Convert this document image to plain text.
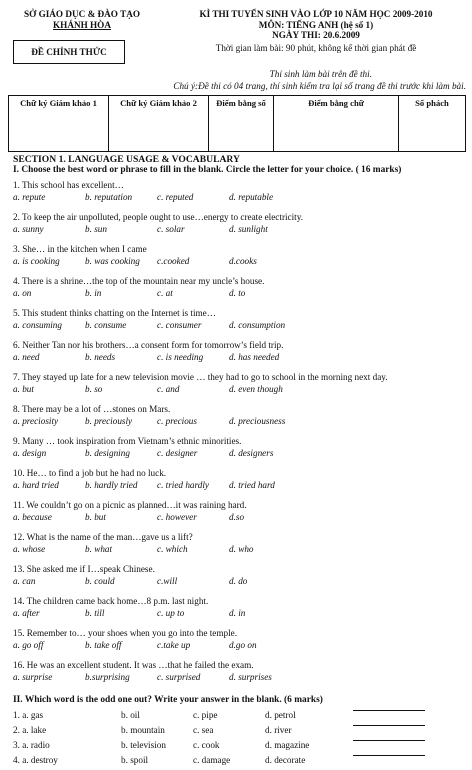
SỞ GIÁO DỤC & ĐÀO TẠO
KHÁNH HÒA
ĐỀ CHÍNH THỨC
KÌ THI TUYỂN SINH VÀO LỚP 10 NĂM HỌC 2009-2010
MÔN: TIẾNG ANH (hệ số 1)
NGÀY THI: 20.6.2009
Thời gian làm bài: 90 phút, không kể thời gian phát đề
Thí sinh làm bài trên đề thi.
Chú ý:Đề thi có 04 trang, thí sinh kiểm tra lại số trang đề thi trước khi làm bài.
Chữ ký Giám khảo 1	Chữ ký Giám khảo 2	Điểm bằng số	Điểm bằng chữ	Số phách
SECTION 1. LANGUAGE USAGE & VOCABULARY
I. Choose the best word or phrase to fill in the blank. Circle the letter for your choice. ( 16 marks)
1. This school has excellent…
a. repute	b. reputation	c. reputed	d. reputable
2. To keep the air unpolluted, people ought to use…energy to create electricity.
a. sunny	b. sun	c. solar	d. sunlight
3. She… in the kitchen when I came
a. is cooking	b. was cooking c.cooked	d.cooks
4. There is a shrine…the top of the mountain near my uncle’s house.
a. on	b. in	c. at	d. to
5. This student thinks chatting on the Internet is time…
a. consuming	b. consume	c. consumer	d. consumption
6. Neither Tan nor his brothers…a consent form for tomorrow’s field trip.
a. need	b. needs	c. is needing	d. has needed
7. They stayed up late for a new television movie … they had to go to school in the morning next day.
a. but	b. so	c. and	d. even though
8. There may be a lot of …stones on Mars.
a. preciosity	b. preciously	c. precious	d. preciousness
9. Many … took inspiration from Vietnam’s ethnic minorities.
a. design	b. designing	c. designer	d. designers
10. He… to find a job but he had no luck.
a. hard tried	b. hardly tried c. tried hardly d. tried hard
11. We couldn’t go on a picnic as planned…it was raining hard.
a. because	b. but	c. however	d.so
12. What is the name of the man…gave us a lift?
a. whose	b. what	c. which	d. who
13. She asked me if I…speak Chinese.
a. can	b. could	c.will	d. do
14. The children came back home…8 p.m. last night.
a. after	b. till	c. up to	d. in
15. Remember to… your shoes when you go into the temple.
a. go off	b. take off	c.take up	d.go on
16. He was an excellent student. It was …that he failed the exam.
a. surprise	b.surprising	c. surprised	d. surprises
II. Which word is the odd one out? Write your answer in the blank. (6 marks)
1. a. gas	b. oil	c. pipe	d. petrol
2. a. lake	b. mountain	c. sea	d. river
3. a. radio	b. television	c. cook	d. magazine
4. a. destroy	b. spoil	c. damage	d. decorate
